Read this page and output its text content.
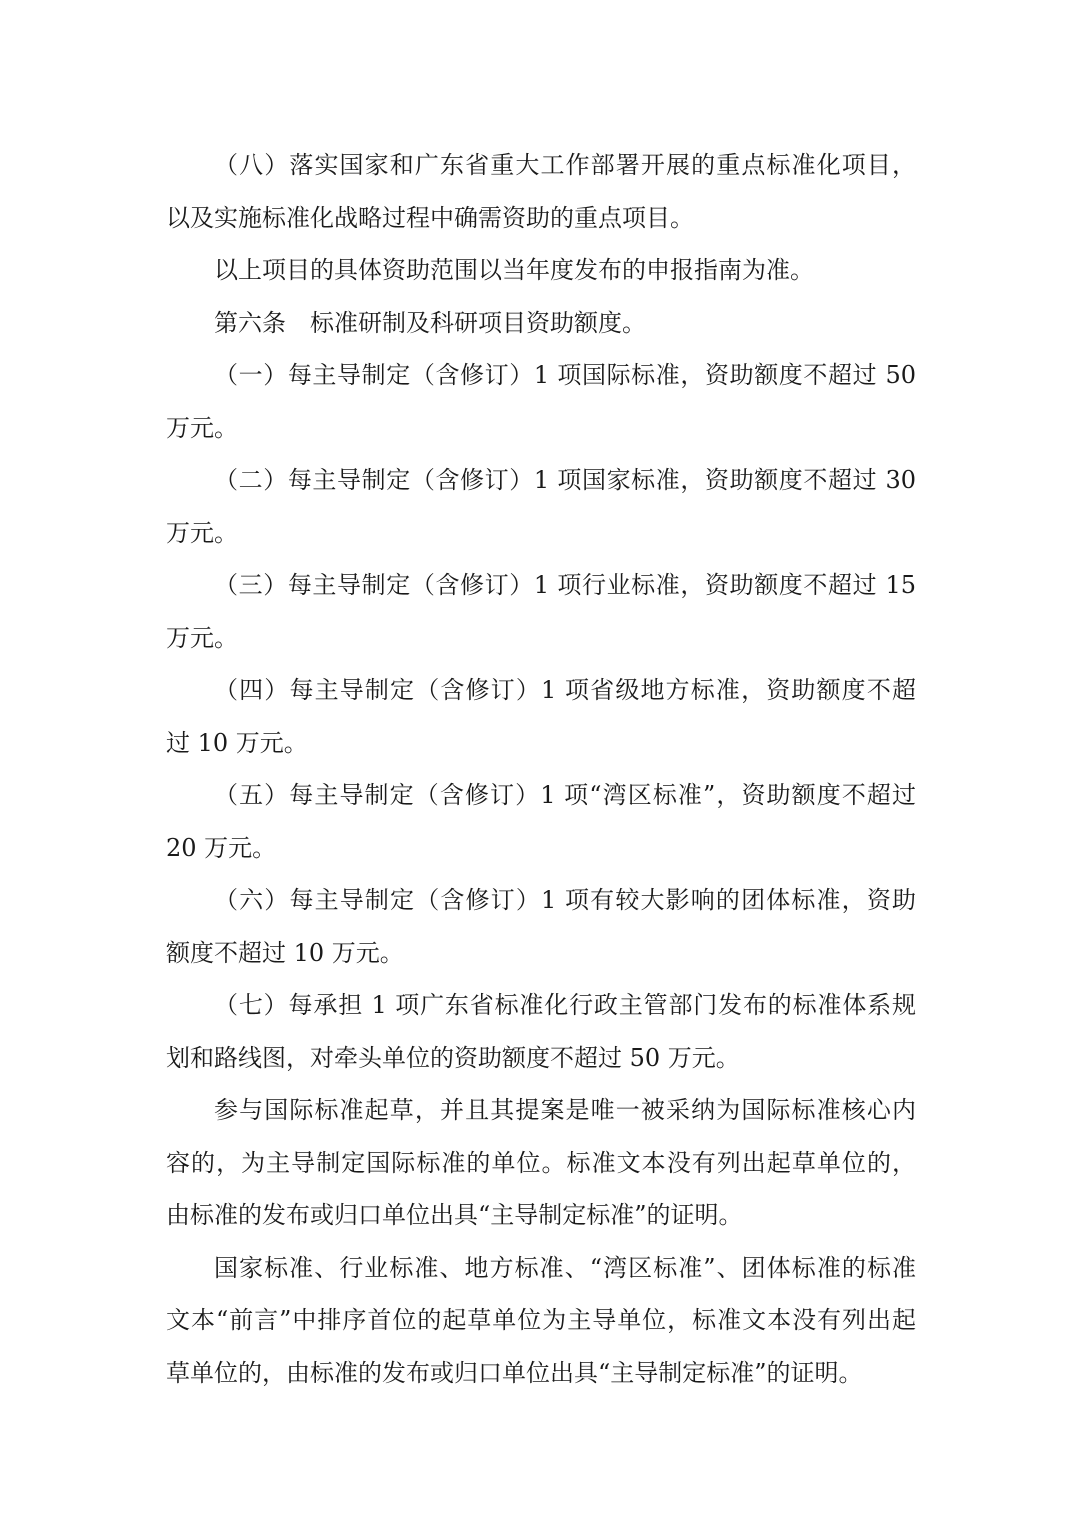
（八）落实国家和广东省重大工作部署开展的重点标准化项目，
以及实施标准化战略过程中确需资助的重点项目。
以上项目的具体资助范围以当年度发布的申报指南为准。
第六条　标准研制及科研项目资助额度。
（一）每主导制定（含修订）1 项国际标准，资助额度不超过 50
万元。
（二）每主导制定（含修订）1 项国家标准，资助额度不超过 30
万元。
（三）每主导制定（含修订）1 项行业标准，资助额度不超过 15
万元。
（四）每主导制定（含修订）1 项省级地方标准，资助额度不超
过 10 万元。
（五）每主导制定（含修订）1 项“湾区标准”，资助额度不超过
20 万元。
（六）每主导制定（含修订）1 项有较大影响的团体标准，资助
额度不超过 10 万元。
（七）每承担 1 项广东省标准化行政主管部门发布的标准体系规
划和路线图，对牵头单位的资助额度不超过 50 万元。
参与国际标准起草，并且其提案是唯一被采纳为国际标准核心内
容的，为主导制定国际标准的单位。标准文本没有列出起草单位的，
由标准的发布或归口单位出具“主导制定标准”的证明。
国家标准、行业标准、地方标准、“湾区标准”、团体标准的标准
文本“前言”中排序首位的起草单位为主导单位，标准文本没有列出起
草单位的，由标准的发布或归口单位出具“主导制定标准”的证明。
